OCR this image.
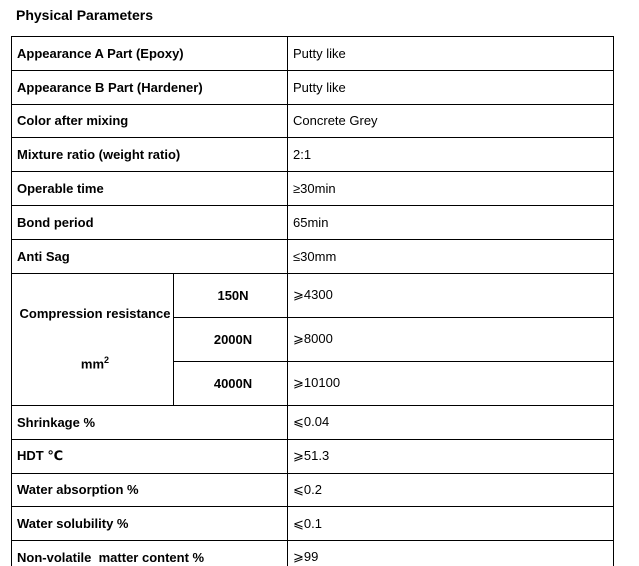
Physical Parameters
Appearance A Part (Epoxy)		Putty like
Appearance B Part (Hardener)		Putty like
Color after mixing		Concrete Grey
Mixture ratio (weight ratio)		2:1
Operable time		≥30min
Bond period		65min
Anti Sag		≤30mm

Compression resistance

$mm^2$	150N	⩾4300
	2000N	⩾8000
	4000N	⩾10100
Shrinkage %		⩽0.04
HDT ℃		⩾51.3
Water absorption %		⩽0.2
Water solubility %		⩽0.1
Non-volatile  matter content %		⩾99
